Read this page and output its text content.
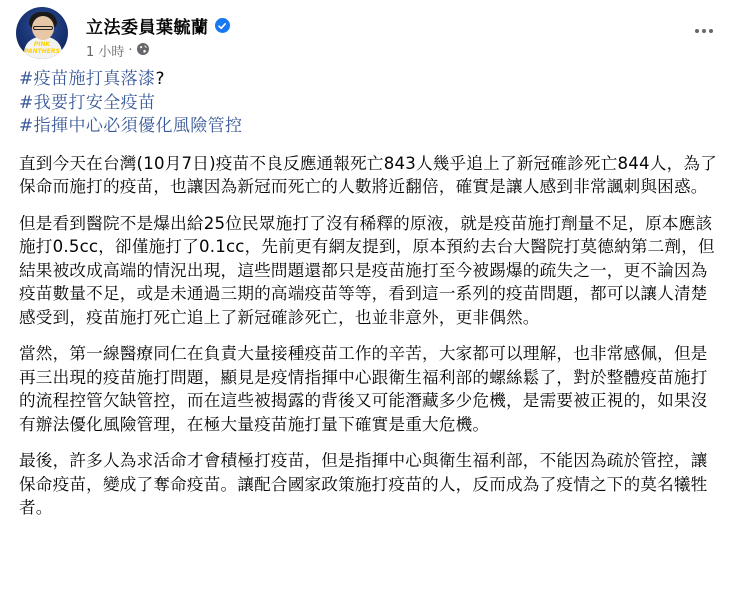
PINK PANTHERS
立法委員葉毓蘭
1 小時 ·
#疫苗施打真落漆?
#我要打安全疫苗
#指揮中心必須優化風險管控

直到今天在台灣(10月7日)疫苗不良反應通報死亡843人幾乎追上了新冠確診死亡844人，為了保命而施打的疫苗，也讓因為新冠而死亡的人數將近翻倍，確實是讓人感到非常諷刺與困惑。

但是看到醫院不是爆出給25位民眾施打了沒有稀釋的原液，就是疫苗施打劑量不足，原本應該施打0.5cc，卻僅施打了0.1cc，先前更有網友提到，原本預約去台大醫院打莫德納第二劑，但結果被改成高端的情況出現，這些問題還都只是疫苗施打至今被踢爆的疏失之一，更不論因為疫苗數量不足，或是未通過三期的高端疫苗等等，看到這一系列的疫苗問題，都可以讓人清楚感受到，疫苗施打死亡追上了新冠確診死亡，也並非意外，更非偶然。

當然，第一線醫療同仁在負責大量接種疫苗工作的辛苦，大家都可以理解，也非常感佩，但是再三出現的疫苗施打問題，顯見是疫情指揮中心跟衛生福利部的螺絲鬆了，對於整體疫苗施打的流程控管欠缺管控，而在這些被揭露的背後又可能潛藏多少危機，是需要被正視的，如果沒有辦法優化風險管理，在極大量疫苗施打量下確實是重大危機。

最後，許多人為求活命才會積極打疫苗，但是指揮中心與衛生福利部，不能因為疏於管控，讓保命疫苗，變成了奪命疫苗。讓配合國家政策施打疫苗的人，反而成為了疫情之下的莫名犧牲者。
